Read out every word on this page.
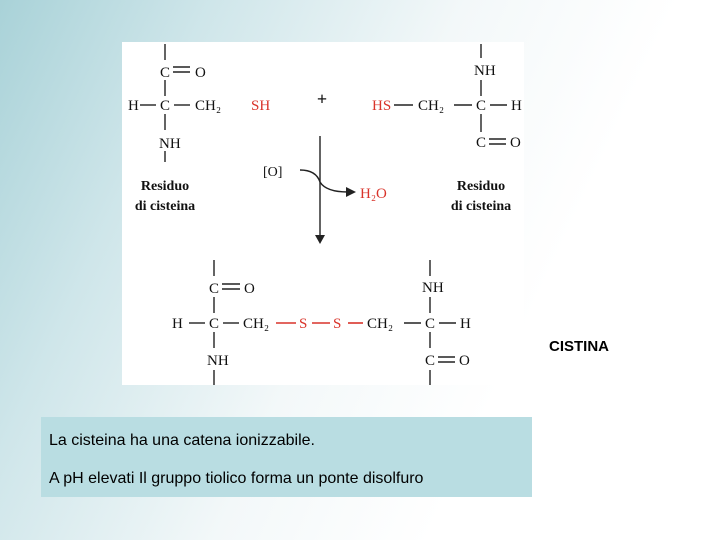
C O
H C CH₂ SH
NH
Residuo
di cisteina
+
NH
HS CH₂ C H
C O
Residuo
di cisteina
[O]
H₂O
C O
H C CH₂ S S CH₂ C H
NH
NH
C O
CISTINA

La cisteina ha una catena ionizzabile.

A pH elevati Il gruppo tiolico forma un ponte disolfuro
